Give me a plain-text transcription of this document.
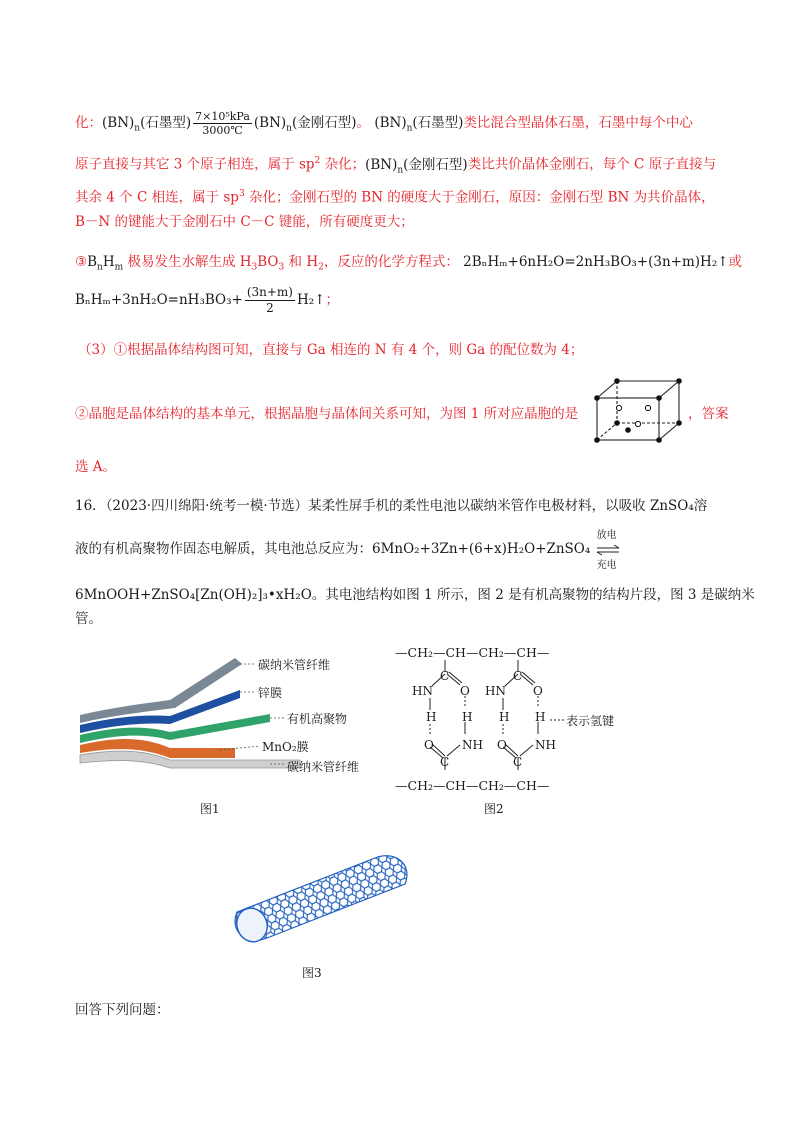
化：$(BN)_n$(石墨型) $\frac{\text{7×10⁵kPa}}{3000℃} (BN)_n$(金刚石型)。 $(BN)_n$(石墨型)类比混合型晶体石墨，石墨中每个中心
原子直接与其它 3 个原子相连，属于 $sp^2$ 杂化；$(BN)_n$(金刚石型)类比共价晶体金刚石，每个 C 原子直接与
其余 4 个 C 相连，属于 $sp^3$ 杂化；金刚石型的 BN 的硬度大于金刚石，原因：金刚石型 BN 为共价晶体，
B－N 的键能大于金刚石中 C－C 键能，所有硬度更大；
$③B_nH_m$ 极易发生水解生成 $H_3BO_3$ 和 $H_2$，反应的化学方程式： 2BₙHₘ+6nH₂O=2nH₃BO₃+(3n+m)H₂↑或
$B_nH_m+3nH_2O=nH_3BO_3+ \frac{(3n+m)}{2}$ H₂↑；
（3）①根据晶体结构图可知，直接与 Ga 相连的 N 有 4 个，则 Ga 的配位数为 4；
②晶胞是晶体结构的基本单元，根据晶胞与晶体间关系可知，为图 1 所对应晶胞的是	，答案
选 A。
16．（2023·四川绵阳·统考一模·节选）某柔性屏手机的柔性电池以碳纳米管作电极材料，以吸收 ZnSO₄溶
液的有机高聚物作固态电解质，其电池总反应为：6MnO₂+3Zn+(6+x)H₂O+ZnSO₄
放电
充电
6MnOOH+ZnSO₄[Zn(OH)₂]₃•xH₂O。其电池结构如图 1 所示，图 2 是有机高聚物的结构片段，图 3 是碳纳米
管。
碳纳米管纤维
锌膜
有机高聚物
MnO₂膜
碳纳米管纤维
图1
—CH₂—CH—CH₂—CH—
C	C
HN O HN O
H H H H 表示氢键
O NH O NH
C	C
—CH₂—CH—CH₂—CH—
图2
图3
回答下列问题：
